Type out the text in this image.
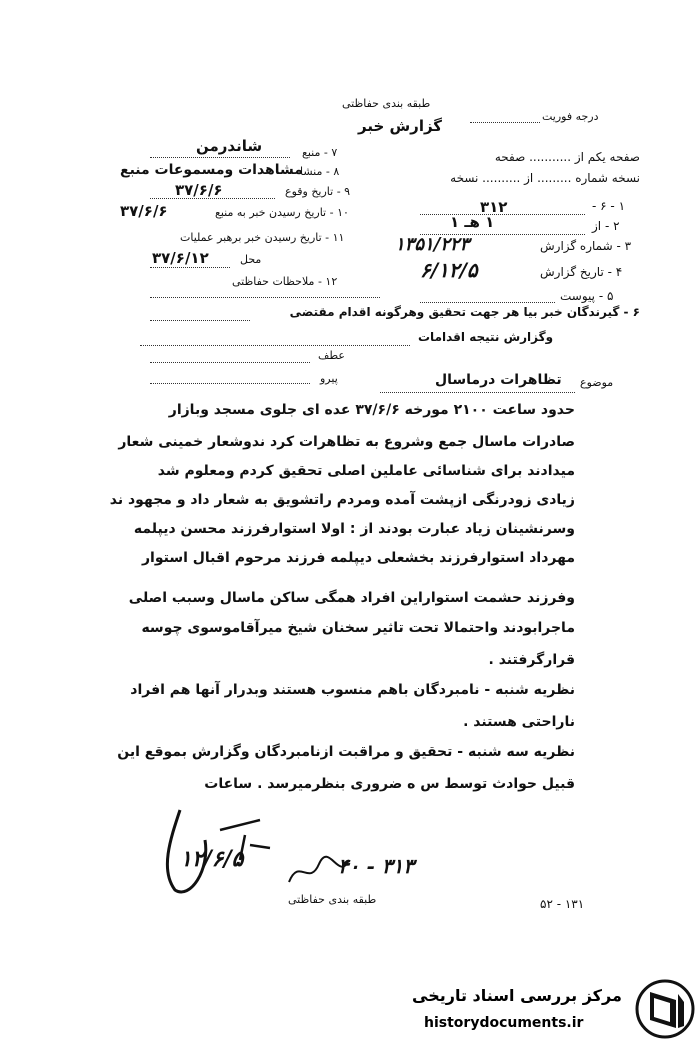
طبقه بندی حفاظتی
گزارش خبر
درجه فوریت
صفحه یکم از ........... صفحه
نسخه شماره ......... از .......... نسخه
۱ - ۶ -
۳۱۲
۲ - از
۱ هـ ۱
۳ - شماره گزارش
۱۳۵۱/۲۲۳
۴ - تاریخ گزارش
۶/۱۲/۵
۵ - پیوست
۶ - گیرندگان خبر بیا هر جهت تحقیق وهرگونه اقدام مقتضی
وگزارش نتیجه اقدامات
۷ - منبع
شاندرمن
۸ - منشا
مشاهدات ومسموعات منبع
۹ - تاریخ وقوع
۳۷/۶/۶
۱۰ - تاریخ رسیدن خبر به منبع
۳۷/۶/۶
۱۱ - تاریخ رسیدن خبر برهبر عملیات
محل
۳۷/۶/۱۲
۱۲ - ملاحظات حفاظتی
عطف
پیرو	موضوع
تظاهرات درماسال
حدود ساعت ۲۱۰۰ مورخه ۳۷/۶/۶ عده ای جلوی مسجد وبازار
صادرات ماسال جمع وشروع به تظاهرات کرد ندوشعار خمینی شعار
میدادند برای شناسائی عاملین اصلی تحقیق کردم ومعلوم شد
زیادی زودرنگی ازپشت آمده ومردم راتشویق به شعار داد و مجهود ند
وسرنشینان زیاد عبارت بودند از : اولا استوارفرزند محسن دیپلمه
مهرداد استوارفرزند بخشعلی دیپلمه فرزند مرحوم اقبال استوار
وفرزند حشمت استواراین افراد همگی ساکن ماسال وسبب اصلی
ماجرابودند واحتمالا تحت تاثیر سخنان شیخ میرآقاموسوی چوسه
قرارگرفتند .
نظریه شنبه - نامبردگان باهم منسوب هستند وبدرار آنها هم افراد
ناراحتی هستند .
نظریه سه شنبه - تحقیق و مراقبت ازنامبردگان وگزارش بموقع این
قبیل حوادث توسط س ه ضروری بنظرمیرسد . ساعات
۱۲/۶/۵	۳۱۳ - ۴۰
طبقه بندی حفاظتی	۱۳۱ - ۵۲
مرکز بررسی اسناد تاریخی
historydocuments.ir
